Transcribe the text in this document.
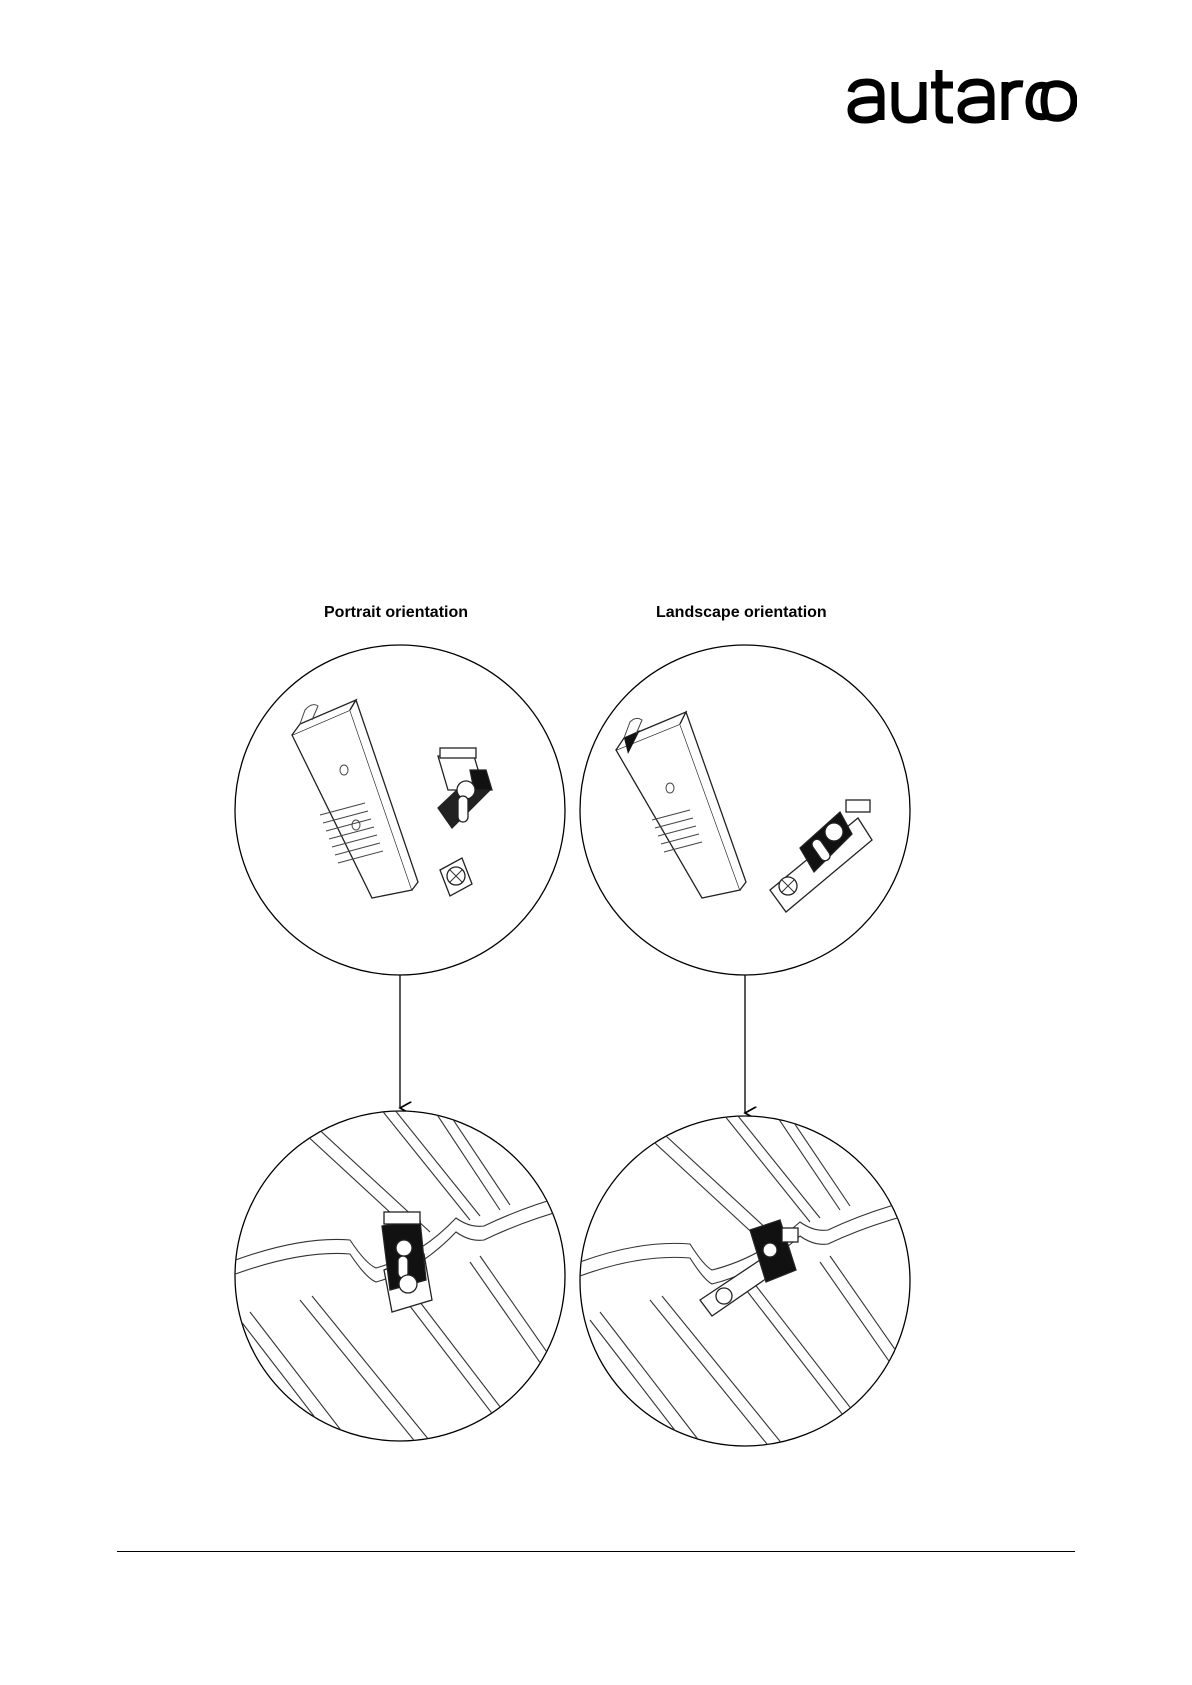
Portrait orientation	Landscape orientation
